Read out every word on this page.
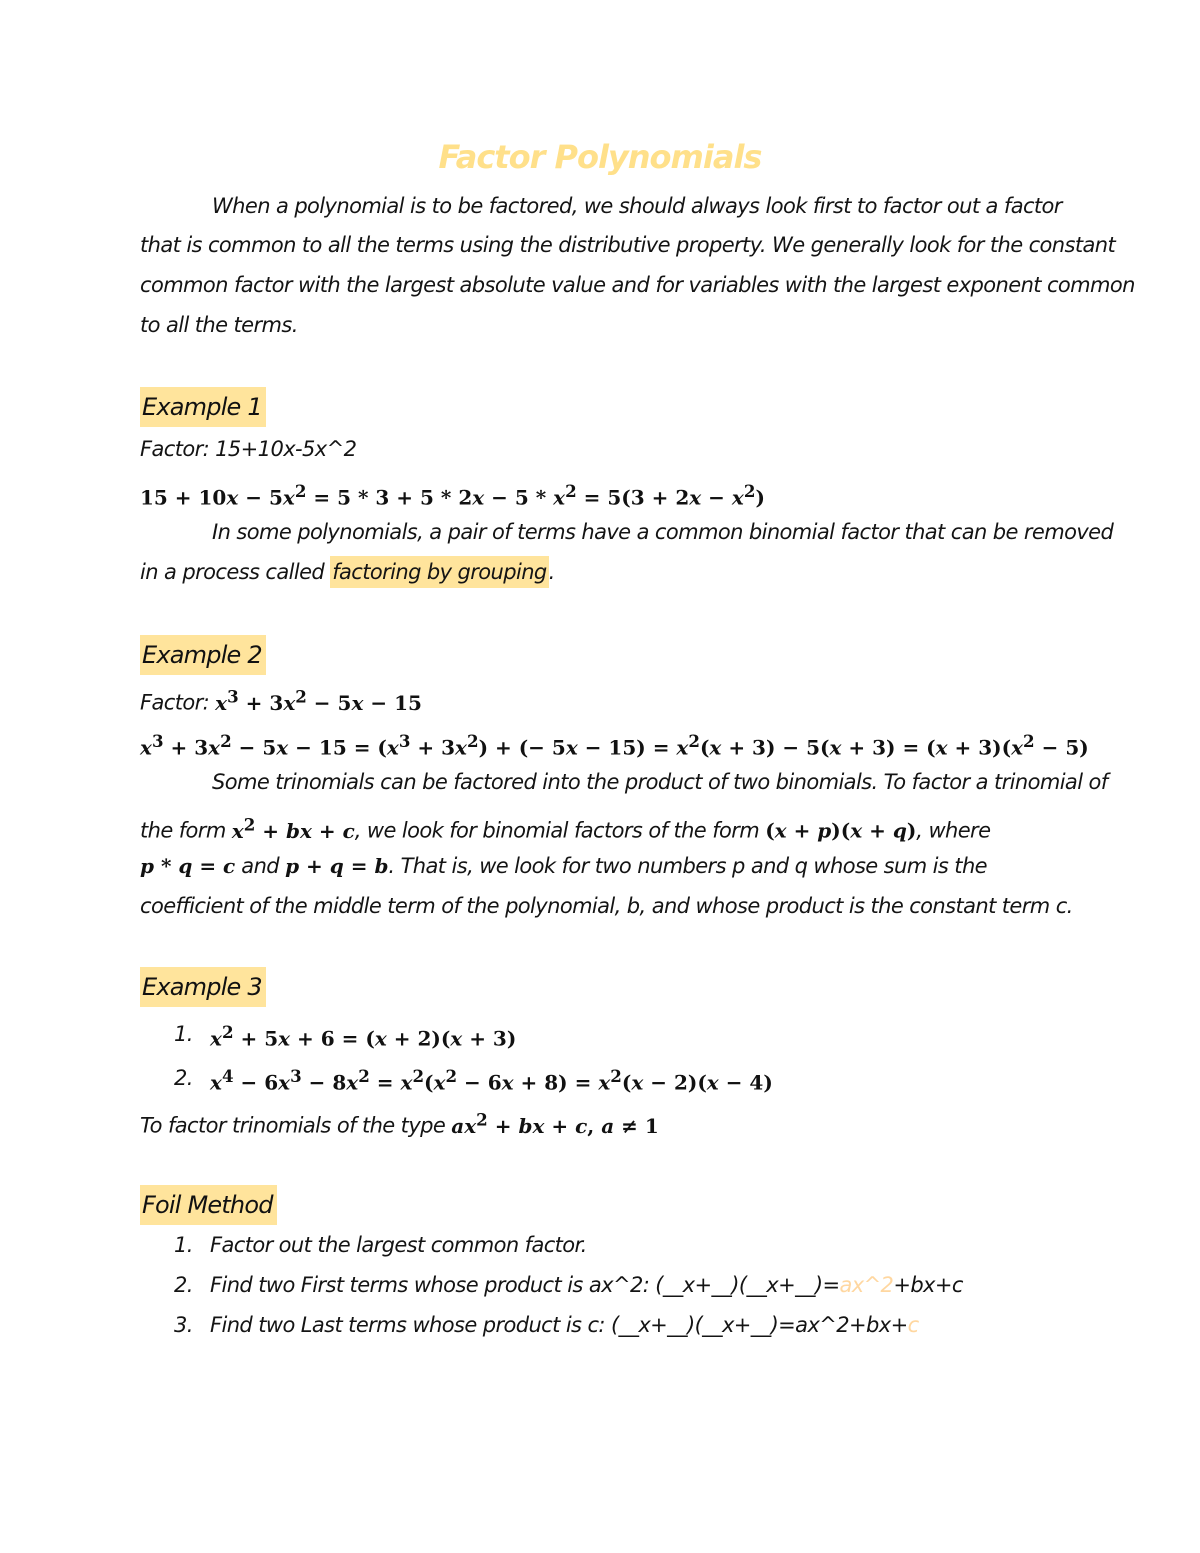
Factor Polynomials
When a polynomial is to be factored, we should always look first to factor out a factor
that is common to all the terms using the distributive property. We generally look for the constant
common factor with the largest absolute value and for variables with the largest exponent common
to all the terms.
Example 1
Factor: 15+10x-5x^2
$15 + 10x - 5x^2 = 5 * 3 + 5 * 2x - 5 * x^2 = 5(3 + 2x - x^2)$
In some polynomials, a pair of terms have a common binomial factor that can be removed
in a process called factoring by grouping.
Example 2
Factor: $x^3 + 3x^2 - 5x - 15$
$x^3 + 3x^2 - 5x - 15 = (x^3 + 3x^2)$ + (− $5x - 15) = x^2(x + 3) - 5(x + 3) = (x + 3)(x^2 - 5)$
Some trinomials can be factored into the product of two binomials. To factor a trinomial of
the form $x^2$ + bx + c, we look for binomial factors of the form (x + p)(x + q), where
p * q = c and p + q = b. That is, we look for two numbers p and q whose sum is the
coefficient of the middle term of the polynomial, b, and whose product is the constant term c.
Example 3
1. $x^2 + 5x + 6 = (x + 2)(x + 3)$
2. $x^4 - 6x^3 - 8x^2 = x^2(x^2 - 6x + 8) = x^2(x - 2)(x - 4)$
To factor trinomials of the type $ax^2$ + bx + c, a ≠ 1
Foil Method
1. Factor out the largest common factor.
2. Find two First terms whose product is ax^2: (__x+__)(__x+__)=ax^2+bx+c
3. Find two Last terms whose product is c: (__x+__)(__x+__)=ax^2+bx+c
